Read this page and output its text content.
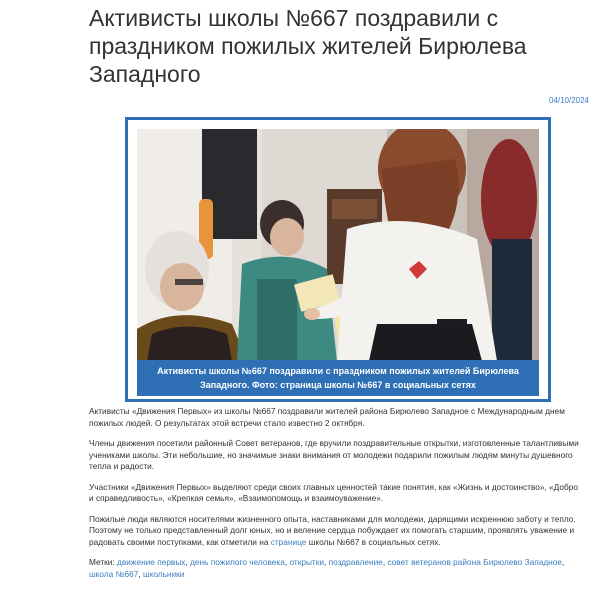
Активисты школы №667 поздравили с праздником пожилых жителей Бирюлева Западного
04/10/2024
Активисты школы №667 поздравили с праздником пожилых жителей Бирюлева Западного. Фото: страница школы №667 в социальных сетях

Активисты «Движения Первых» из школы №667 поздравили жителей района Бирюлево Западное с Международным днем пожилых людей. О результатах этой встречи стало известно 2 октября.

Члены движения посетили районный Совет ветеранов, где вручили поздравительные открытки, изготовленные талантливыми учениками школы. Эти небольшие, но значимые знаки внимания от молодежи подарили пожилым людям минуты душевного тепла и радости.

Участники «Движения Первых» выделяют среди своих главных ценностей такие понятия, как «Жизнь и достоинство», «Добро и справедливость», «Крепкая семья», «Взаимопомощь и взаимоуважение».

Пожилые люди являются носителями жизненного опыта, наставниками для молодежи, дарящими искреннюю заботу и тепло. Поэтому не только представленный долг юных, но и веление сердца побуждает их помогать старшим, проявлять уважение и радовать своими поступками, как отметили на странице школы №667 в социальных сетях.

Метки: движение первых, день пожилого человека, открытки, поздравление, совет ветеранов района Бирюлево Западное, школа №667, школьники
